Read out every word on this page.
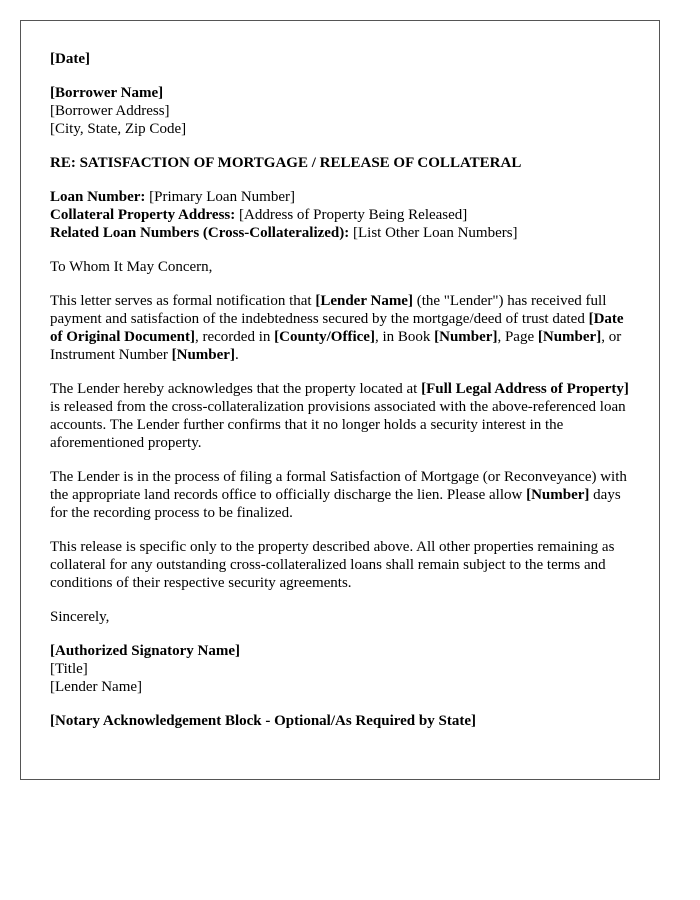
[Date]
[Borrower Name]
[Borrower Address]
[City, State, Zip Code]
RE: SATISFACTION OF MORTGAGE / RELEASE OF COLLATERAL
Loan Number: [Primary Loan Number]
Collateral Property Address: [Address of Property Being Released]
Related Loan Numbers (Cross-Collateralized): [List Other Loan Numbers]
To Whom It May Concern,
This letter serves as formal notification that [Lender Name] (the "Lender") has received full payment and satisfaction of the indebtedness secured by the mortgage/deed of trust dated [Date of Original Document], recorded in [County/Office], in Book [Number], Page [Number], or Instrument Number [Number].
The Lender hereby acknowledges that the property located at [Full Legal Address of Property] is released from the cross-collateralization provisions associated with the above-referenced loan accounts. The Lender further confirms that it no longer holds a security interest in the aforementioned property.
The Lender is in the process of filing a formal Satisfaction of Mortgage (or Reconveyance) with the appropriate land records office to officially discharge the lien. Please allow [Number] days for the recording process to be finalized.
This release is specific only to the property described above. All other properties remaining as collateral for any outstanding cross-collateralized loans shall remain subject to the terms and conditions of their respective security agreements.
Sincerely,
[Authorized Signatory Name]
[Title]
[Lender Name]
[Notary Acknowledgement Block - Optional/As Required by State]
